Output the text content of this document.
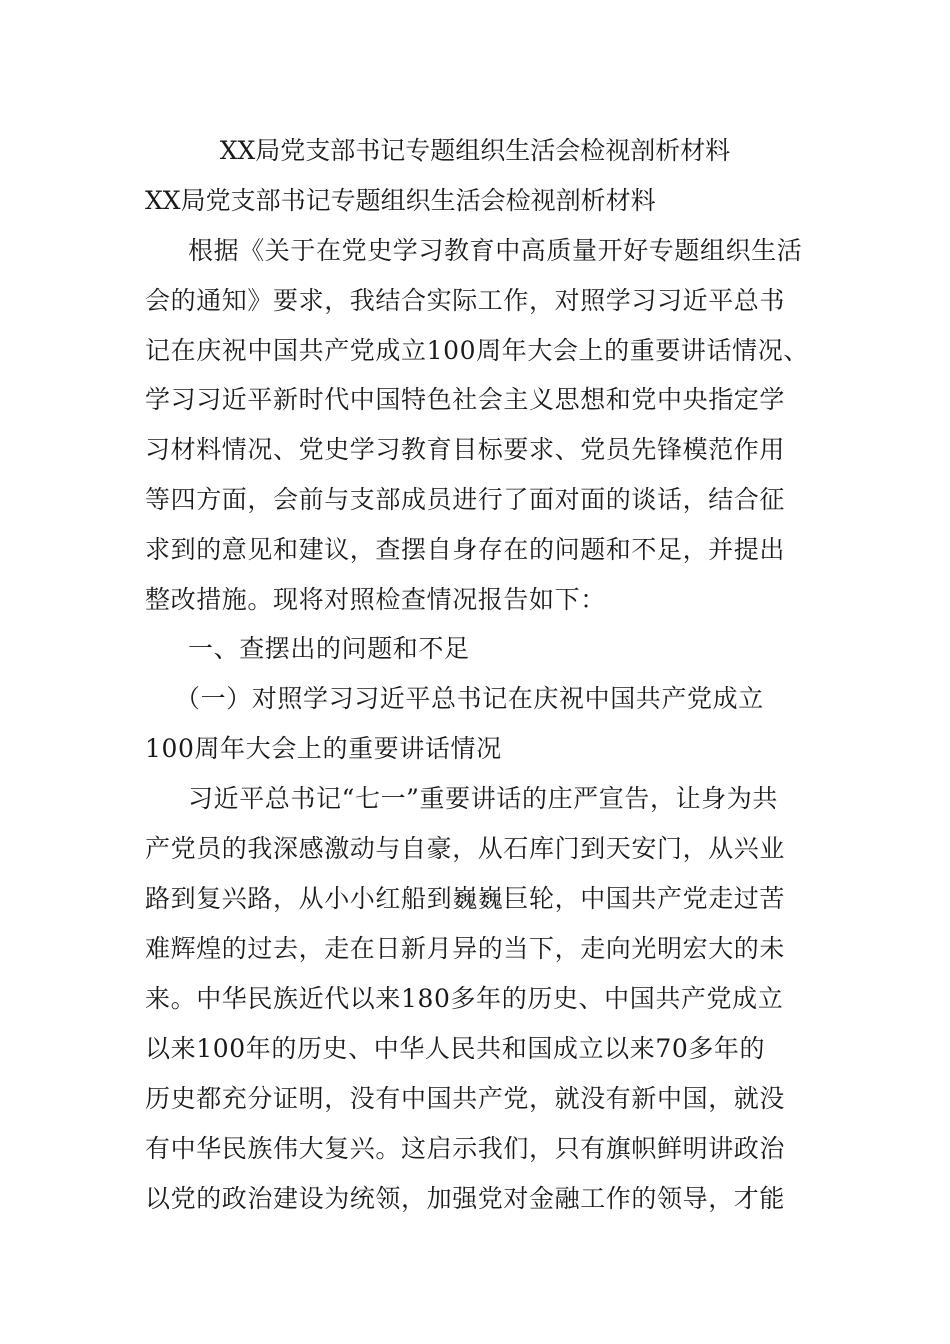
XX局党支部书记专题组织生活会检视剖析材料
XX局党支部书记专题组织生活会检视剖析材料
根据《关于在党史学习教育中高质量开好专题组织生活
会的通知》要求，我结合实际工作，对照学习习近平总书
记在庆祝中国共产党成立100周年大会上的重要讲话情况、
学习习近平新时代中国特色社会主义思想和党中央指定学
习材料情况、党史学习教育目标要求、党员先锋模范作用
等四方面，会前与支部成员进行了面对面的谈话，结合征
求到的意见和建议，查摆自身存在的问题和不足，并提出
整改措施。现将对照检查情况报告如下：
一、查摆出的问题和不足
（一）对照学习习近平总书记在庆祝中国共产党成立
100周年大会上的重要讲话情况
习近平总书记“七一”重要讲话的庄严宣告，让身为共
产党员的我深感激动与自豪，从石库门到天安门，从兴业
路到复兴路，从小小红船到巍巍巨轮，中国共产党走过苦
难辉煌的过去，走在日新月异的当下，走向光明宏大的未
来。中华民族近代以来180多年的历史、中国共产党成立
以来100年的历史、中华人民共和国成立以来70多年的
历史都充分证明，没有中国共产党，就没有新中国，就没
有中华民族伟大复兴。这启示我们，只有旗帜鲜明讲政治
以党的政治建设为统领，加强党对金融工作的领导，才能
